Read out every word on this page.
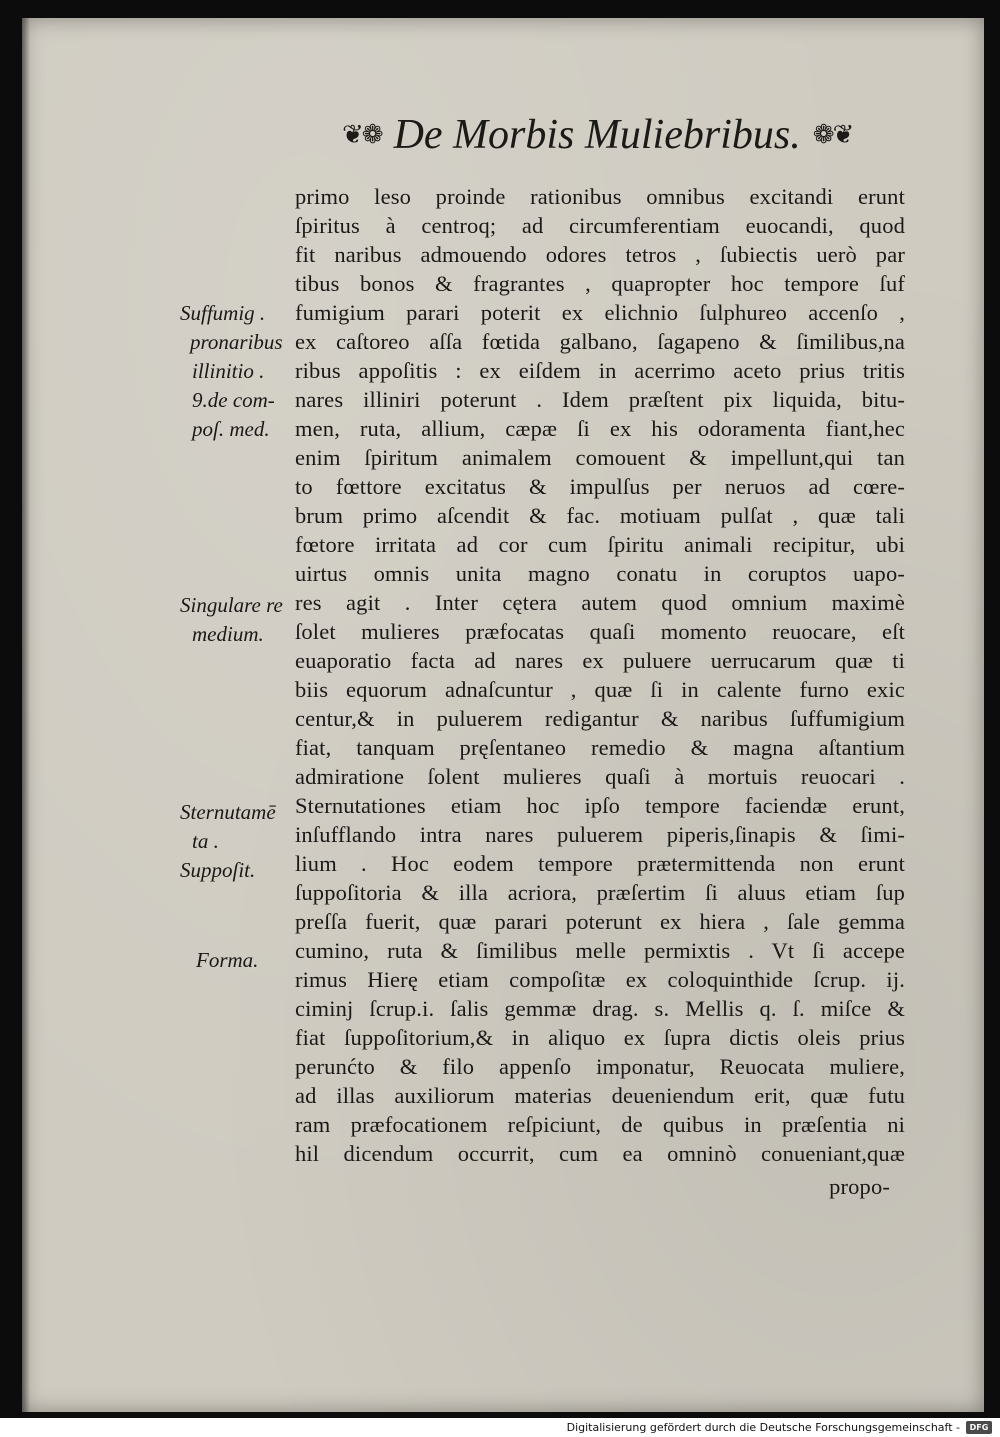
❦❁ De Morbis Muliebribus. ❁❦
primo leso proinde rationibus omnibus excitandi erunt
ſpiritus à centroq; ad circumferentiam euocandi, quod
fit naribus admouendo odores tetros , ſubiectis uerò par
tibus bonos & fragrantes , quapropter hoc tempore ſuf
fumigium parari poterit ex elichnio ſulphureo accenſo ,
ex caſtoreo aſſa fœtida galbano, ſagapeno & ſimilibus,na
ribus appoſitis : ex eiſdem in acerrimo aceto prius tritis
nares illiniri poterunt . Idem præſtent pix liquida, bitu-
men, ruta, allium, cæpæ ſi ex his odoramenta fiant,hec
enim ſpiritum animalem comouent & impellunt,qui tan
to fœttore excitatus & impulſus per neruos ad cœre-
brum primo aſcendit & fac. motiuam pulſat , quæ tali
fœtore irritata ad cor cum ſpiritu animali recipitur, ubi
uirtus omnis unita magno conatu in coruptos uapo-
res agit . Inter cętera autem quod omnium maximè
ſolet mulieres præfocatas quaſi momento reuocare, eſt
euaporatio facta ad nares ex puluere uerrucarum quæ ti
biis equorum adnaſcuntur , quæ ſi in calente furno exic
centur,& in puluerem redigantur & naribus ſuffumigium
fiat, tanquam pręſentaneo remedio & magna aſtantium
admiratione ſolent mulieres quaſi à mortuis reuocari .
Sternutationes etiam hoc ipſo tempore faciendæ erunt,
inſufflando intra nares puluerem piperis,ſinapis & ſimi-
lium . Hoc eodem tempore prætermittenda non erunt
ſuppoſitoria & illa acriora, præſertim ſi aluus etiam ſup
preſſa fuerit, quæ parari poterunt ex hiera , ſale gemma
cumino, ruta & ſimilibus melle permixtis . Vt ſi accepe
rimus Hierę etiam compoſitæ ex coloquinthide ſcrup. ij.
ciminj ſcrup.i. ſalis gemmæ drag. s. Mellis q. ſ. miſce &
fiat ſuppoſitorium,& in aliquo ex ſupra dictis oleis prius
perunćto & filo appenſo imponatur, Reuocata muliere,
ad illas auxiliorum materias deueniendum erit, quæ futu
ram præfocationem reſpiciunt, de quibus in præſentia ni
hil dicendum occurrit, cum ea omninò conueniant,quæ
propo-
Suffumig .
pronaribus
illinitio .
9.de com-
poſ. med.
Singulare re
medium.
Sternutamē
ta .
Suppoſit.
Forma.
Digitalisierung gefördert durch die Deutsche Forschungsgemeinschaft -	DFG
